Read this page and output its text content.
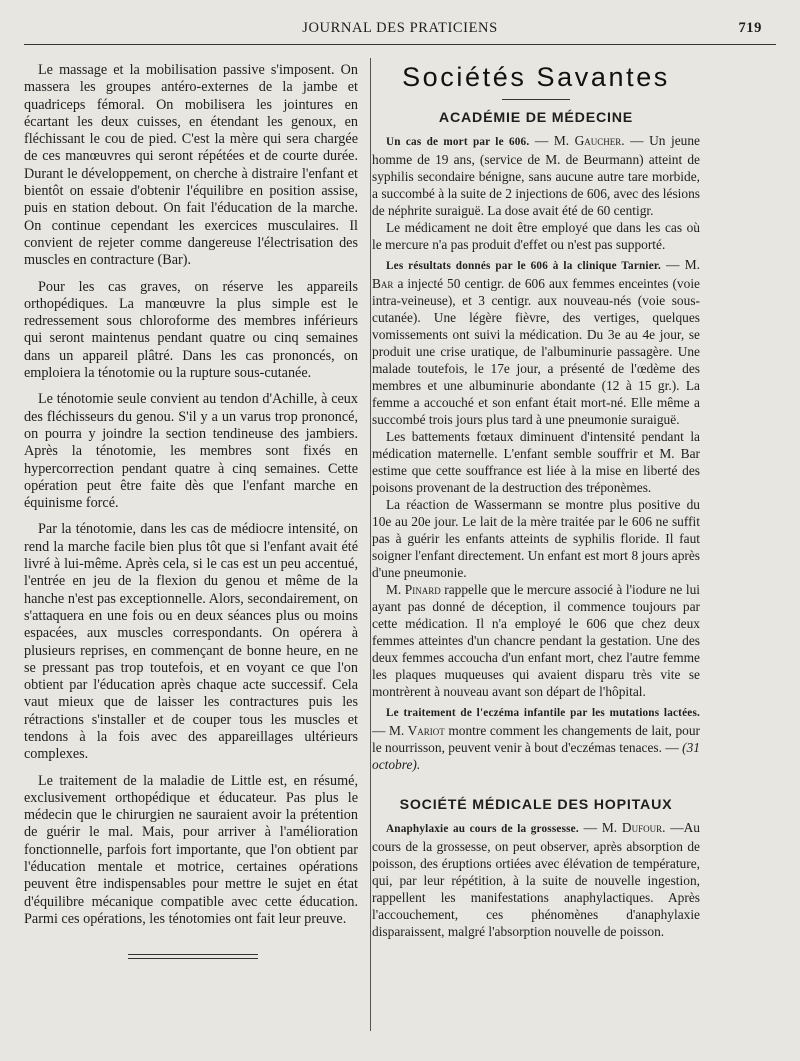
JOURNAL DES PRATICIENS	719

Le massage et la mobilisation passive s'imposent. On massera les groupes antéro-externes de la jambe et quadriceps fémoral. On mobilisera les jointures en écartant les deux cuisses, en étendant les genoux, en fléchissant le cou de pied. C'est la mère qui sera chargée de ces manœuvres qui seront répétées et de courte durée. Durant le développement, on cherche à distraire l'enfant et bientôt on essaie d'obtenir l'équilibre en position assise, puis en station debout. On fait l'éducation de la marche. On continue cependant les exercices musculaires. Il convient de rejeter comme dangereuse l'électrisation des muscles en contracture (Bar).

Pour les cas graves, on réserve les appareils orthopédiques. La manœuvre la plus simple est le redressement sous chloroforme des membres inférieurs qui seront maintenus pendant quatre ou cinq semaines dans un appareil plâtré. Dans les cas prononcés, on emploiera la ténotomie ou la rupture sous-cutanée.

Le ténotomie seule convient au tendon d'Achille, à ceux des fléchisseurs du genou. S'il y a un varus trop prononcé, on pourra y joindre la section tendineuse des jambiers. Après la ténotomie, les membres sont fixés en hypercorrection pendant quatre à cinq semaines. Cette opération peut être faite dès que l'enfant marche en équinisme forcé.

Par la ténotomie, dans les cas de médiocre intensité, on rend la marche facile bien plus tôt que si l'enfant avait été livré à lui-même. Après cela, si le cas est un peu accentué, l'entrée en jeu de la flexion du genou et même de la hanche n'est pas exceptionnelle. Alors, secondairement, on s'attaquera en une fois ou en deux séances plus ou moins espacées, aux muscles correspondants. On opérera à plusieurs reprises, en commençant de bonne heure, en ne se pressant pas trop toutefois, et en voyant ce que l'on obtient par l'éducation après chaque acte successif. Cela vaut mieux que de laisser les contractures puis les rétractions s'installer et de couper tous les muscles et tendons à la fois avec des appareillages ultérieurs complexes.

Le traitement de la maladie de Little est, en résumé, exclusivement orthopédique et éducateur. Pas plus le médecin que le chirurgien ne sauraient avoir la prétention de guérir le mal. Mais, pour arriver à l'amélioration fonctionnelle, parfois fort importante, que l'on obtient par l'éducation mentale et motrice, certaines opérations peuvent être indispensables pour mettre le sujet en état d'équilibre mécanique compatible avec cette éducation. Parmi ces opérations, les ténotomies ont fait leur preuve.

Sociétés Savantes
ACADÉMIE DE MÉDECINE

Un cas de mort par le 606. — M. Gaucher. — Un jeune homme de 19 ans, (service de M. de Beurmann) atteint de syphilis secondaire bénigne, sans aucune autre tare morbide, a succombé à la suite de 2 injections de 606, avec des lésions de néphrite suraiguë. La dose avait été de 60 centigr.

Le médicament ne doit être employé que dans les cas où le mercure n'a pas produit d'effet ou n'est pas supporté.

Les résultats donnés par le 606 à la clinique Tarnier. — M. Bar a injecté 50 centigr. de 606 aux femmes enceintes (voie intra-veineuse), et 3 centigr. aux nouveau-nés (voie sous-cutanée). Une légère fièvre, des vertiges, quelques vomissements ont suivi la médication. Du 3e au 4e jour, se produit une crise uratique, de l'albuminurie passagère. Une malade toutefois, le 17e jour, a présenté de l'œdème des membres et une albuminurie abondante (12 à 15 gr.). La femme a accouché et son enfant était mort-né. Elle même a succombé trois jours plus tard à une pneumonie suraiguë.

Les battements fœtaux diminuent d'intensité pendant la médication maternelle. L'enfant semble souffrir et M. Bar estime que cette souffrance est liée à la mise en liberté des poisons provenant de la destruction des tréponèmes.

La réaction de Wassermann se montre plus positive du 10e au 20e jour. Le lait de la mère traitée par le 606 ne suffit pas à guérir les enfants atteints de syphilis floride. Il faut soigner l'enfant directement. Un enfant est mort 8 jours après d'une pneumonie.

M. Pinard rappelle que le mercure associé à l'iodure ne lui ayant pas donné de déception, il commence toujours par cette médication. Il n'a employé le 606 que chez deux femmes atteintes d'un chancre pendant la gestation. Une des deux femmes accoucha d'un enfant mort, chez l'autre femme les plaques muqueuses qui avaient disparu très vite se montrèrent à nouveau avant son départ de l'hôpital.

Le traitement de l'eczéma infantile par les mutations lactées. — M. Variot montre comment les changements de lait, pour le nourrisson, peuvent venir à bout d'eczémas tenaces. — (31 octobre).

SOCIÉTÉ MÉDICALE DES HOPITAUX

Anaphylaxie au cours de la grossesse. — M. Dufour. —Au cours de la grossesse, on peut observer, après absorption de poisson, des éruptions ortiées avec élévation de température, qui, par leur répétition, à la suite de nouvelle ingestion, rappellent les manifestations anaphylactiques. Après l'accouchement, ces phénomènes d'anaphylaxie disparaissent, malgré l'absorption nouvelle de poisson.
